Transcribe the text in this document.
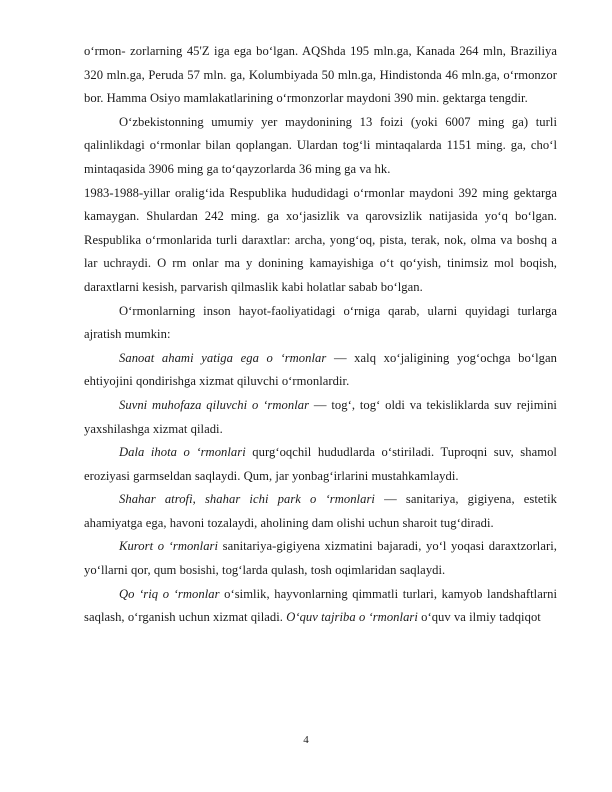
o‘rmon- zorlarning 45'Z iga ega bo‘lgan. AQShda 195 mln.ga, Kanada 264 mln, Braziliya 320 mln.ga, Peruda 57 mln. ga, Kolumbiyada 50 mln.ga, Hindistonda 46 mln.ga, o‘rmonzor bor. Hamma Osiyo mamlakatlarining o‘rmonzorlar maydoni 390 min. gektarga tengdir.

O‘zbekistonning umumiy yer maydonining 13 foizi (yoki 6007 ming ga) turli qalinlikdagi o‘rmonlar bilan qoplangan. Ulardan tog‘li mintaqalarda 1151 ming. ga, cho‘l mintaqasida 3906 ming ga to‘qayzorlarda 36 ming ga va hk.

1983-1988-yillar oralig‘ida Respublika hududidagi o‘rmonlar maydoni 392 ming gektarga kamaygan. Shulardan 242 ming. ga xo‘jasizlik va qarovsizlik natijasida yo‘q bo‘lgan. Respublika o‘rmonlarida turli daraxtlar: archa, yong‘oq, pista, terak, nok, olma va boshq a lar uchraydi. O rm onlar ma y donining kamayishiga o‘t qo‘yish, tinimsiz mol boqish, daraxtlarni kesish, parvarish qilmaslik kabi holatlar sabab bo‘lgan.

O‘rmonlarning inson hayot-faoliyatidagi o‘rniga qarab, ularni quyidagi turlarga ajratish mumkin:

Sanoat ahami yatiga ega o ‘rmonlar — xalq xo‘jaligining yog‘ochga bo‘lgan ehtiyojini qondirishga xizmat qiluvchi o‘rmonlardir.

Suvni muhofaza qiluvchi o ‘rmonlar — tog‘, tog‘ oldi va tekisliklarda suv rejimini yaxshilashga xizmat qiladi.

Dala ihota o ‘rmonlari qurg‘oqchil hududlarda o‘stiriladi. Tuproqni suv, shamol eroziyasi garmseldan saqlaydi. Qum, jar yonbag‘irlarini mustahkamlaydi.

Shahar atrofi, shahar ichi park o ‘rmonlari — sanitariya, gigiyena, estetik ahamiyatga ega, havoni tozalaydi, aholining dam olishi uchun sharoit tug‘diradi.

Kurort o ‘rmonlari sanitariya-gigiyena xizmatini bajaradi, yo‘l yoqasi daraxtzorlari, yo‘llarni qor, qum bosishi, tog‘larda qulash, tosh oqimlaridan saqlaydi.

Qo ‘riq o ‘rmonlar o‘simlik, hayvonlarning qimmatli turlari, kamyob landshaftlarni saqlash, o‘rganish uchun xizmat qiladi. O‘quv tajriba o ‘rmonlari o‘quv va ilmiy tadqiqot

4
